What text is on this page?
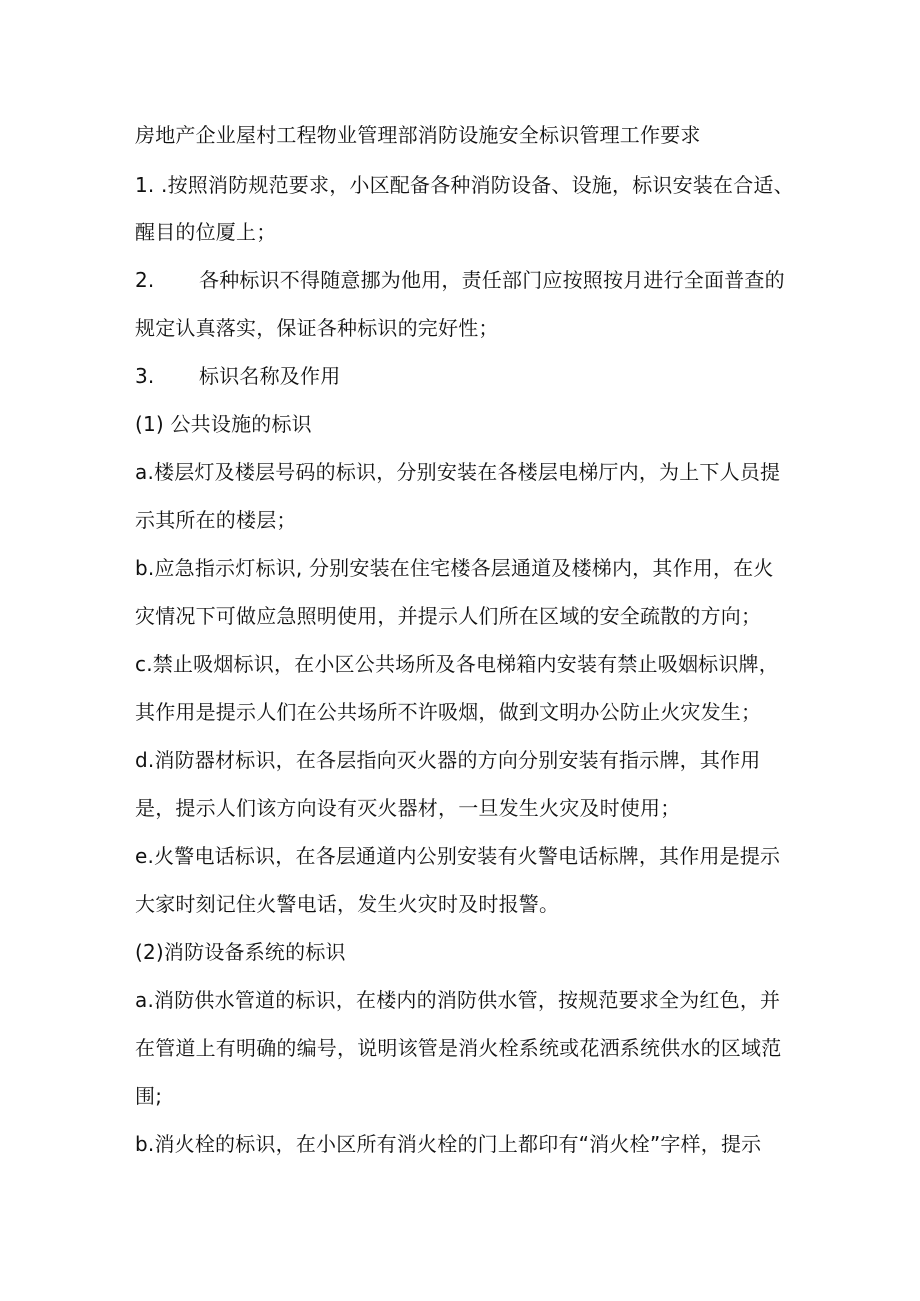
房地产企业屋村工程物业管理部消防设施安全标识管理工作要求
1. .按照消防规范要求，小区配备各种消防设备、设施，标识安装在合适、
醒目的位厦上；
2. 各种标识不得随意挪为他用，责任部门应按照按月进行全面普查的
规定认真落实，保证各种标识的完好性；
3. 标识名称及作用
(1) 公共设施的标识
a.楼层灯及楼层号码的标识，分别安装在各楼层电梯厅内，为上下人员提
示其所在的楼层；
b.应急指示灯标识, 分别安装在住宅楼各层通道及楼梯内，其作用，在火
灾情况下可做应急照明使用，并提示人们所在区域的安全疏散的方向；
c.禁止吸烟标识，在小区公共场所及各电梯箱内安装有禁止吸姻标识牌，
其作用是提示人们在公共场所不许吸烟，做到文明办公防止火灾发生；
d.消防器材标识，在各层指向灭火器的方向分别安装有指示牌，其作用
是，提示人们该方向设有灭火器材，一旦发生火灾及时使用；
e.火警电话标识，在各层通道内公别安装有火警电话标牌，其作用是提示
大家时刻记住火警电话，发生火灾时及时报警。
(2)消防设备系统的标识
a.消防供水管道的标识，在楼内的消防供水管，按规范要求全为红色，并
在管道上有明确的编号，说明该管是消火栓系统或花洒系统供水的区域范
围;
b.消火栓的标识，在小区所有消火栓的门上都印有“消火栓”字样，提示
